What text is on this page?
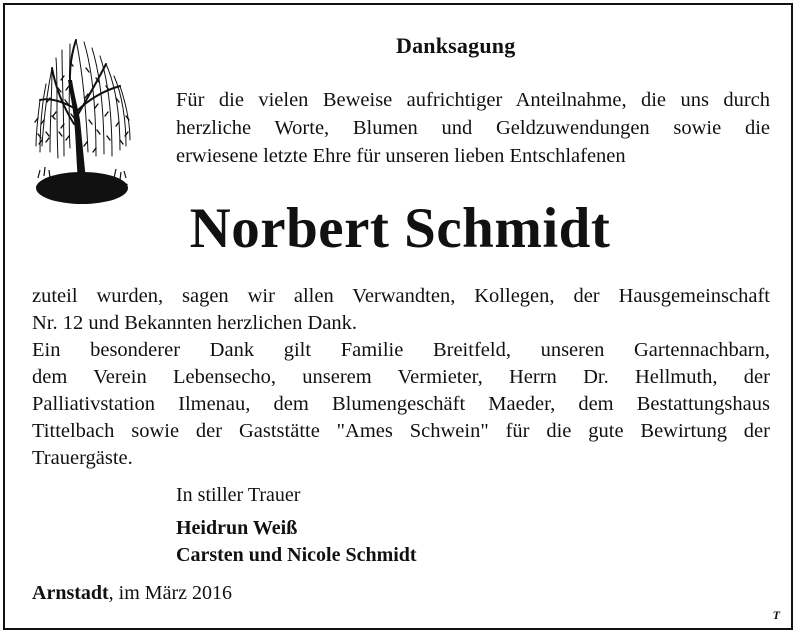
Danksagung
Für die vielen Beweise aufrichtiger Anteilnahme, die uns durch
herzliche Worte, Blumen und Geldzuwendungen sowie die
erwiesene letzte Ehre für unseren lieben Entschlafenen
Norbert Schmidt
zuteil wurden, sagen wir allen Verwandten, Kollegen, der Hausgemeinschaft
Nr. 12 und Bekannten herzlichen Dank.
Ein besonderer Dank gilt Familie Breitfeld, unseren Gartennachbarn,
dem Verein Lebensecho, unserem Vermieter, Herrn Dr. Hellmuth, der
Palliativstation Ilmenau, dem Blumengeschäft Maeder, dem Bestattungshaus
Tittelbach sowie der Gaststätte "Ames Schwein" für die gute Bewirtung der
Trauergäste.
In stiller Trauer
Heidrun Weiß
Carsten und Nicole Schmidt
Arnstadt, im März 2016
T
